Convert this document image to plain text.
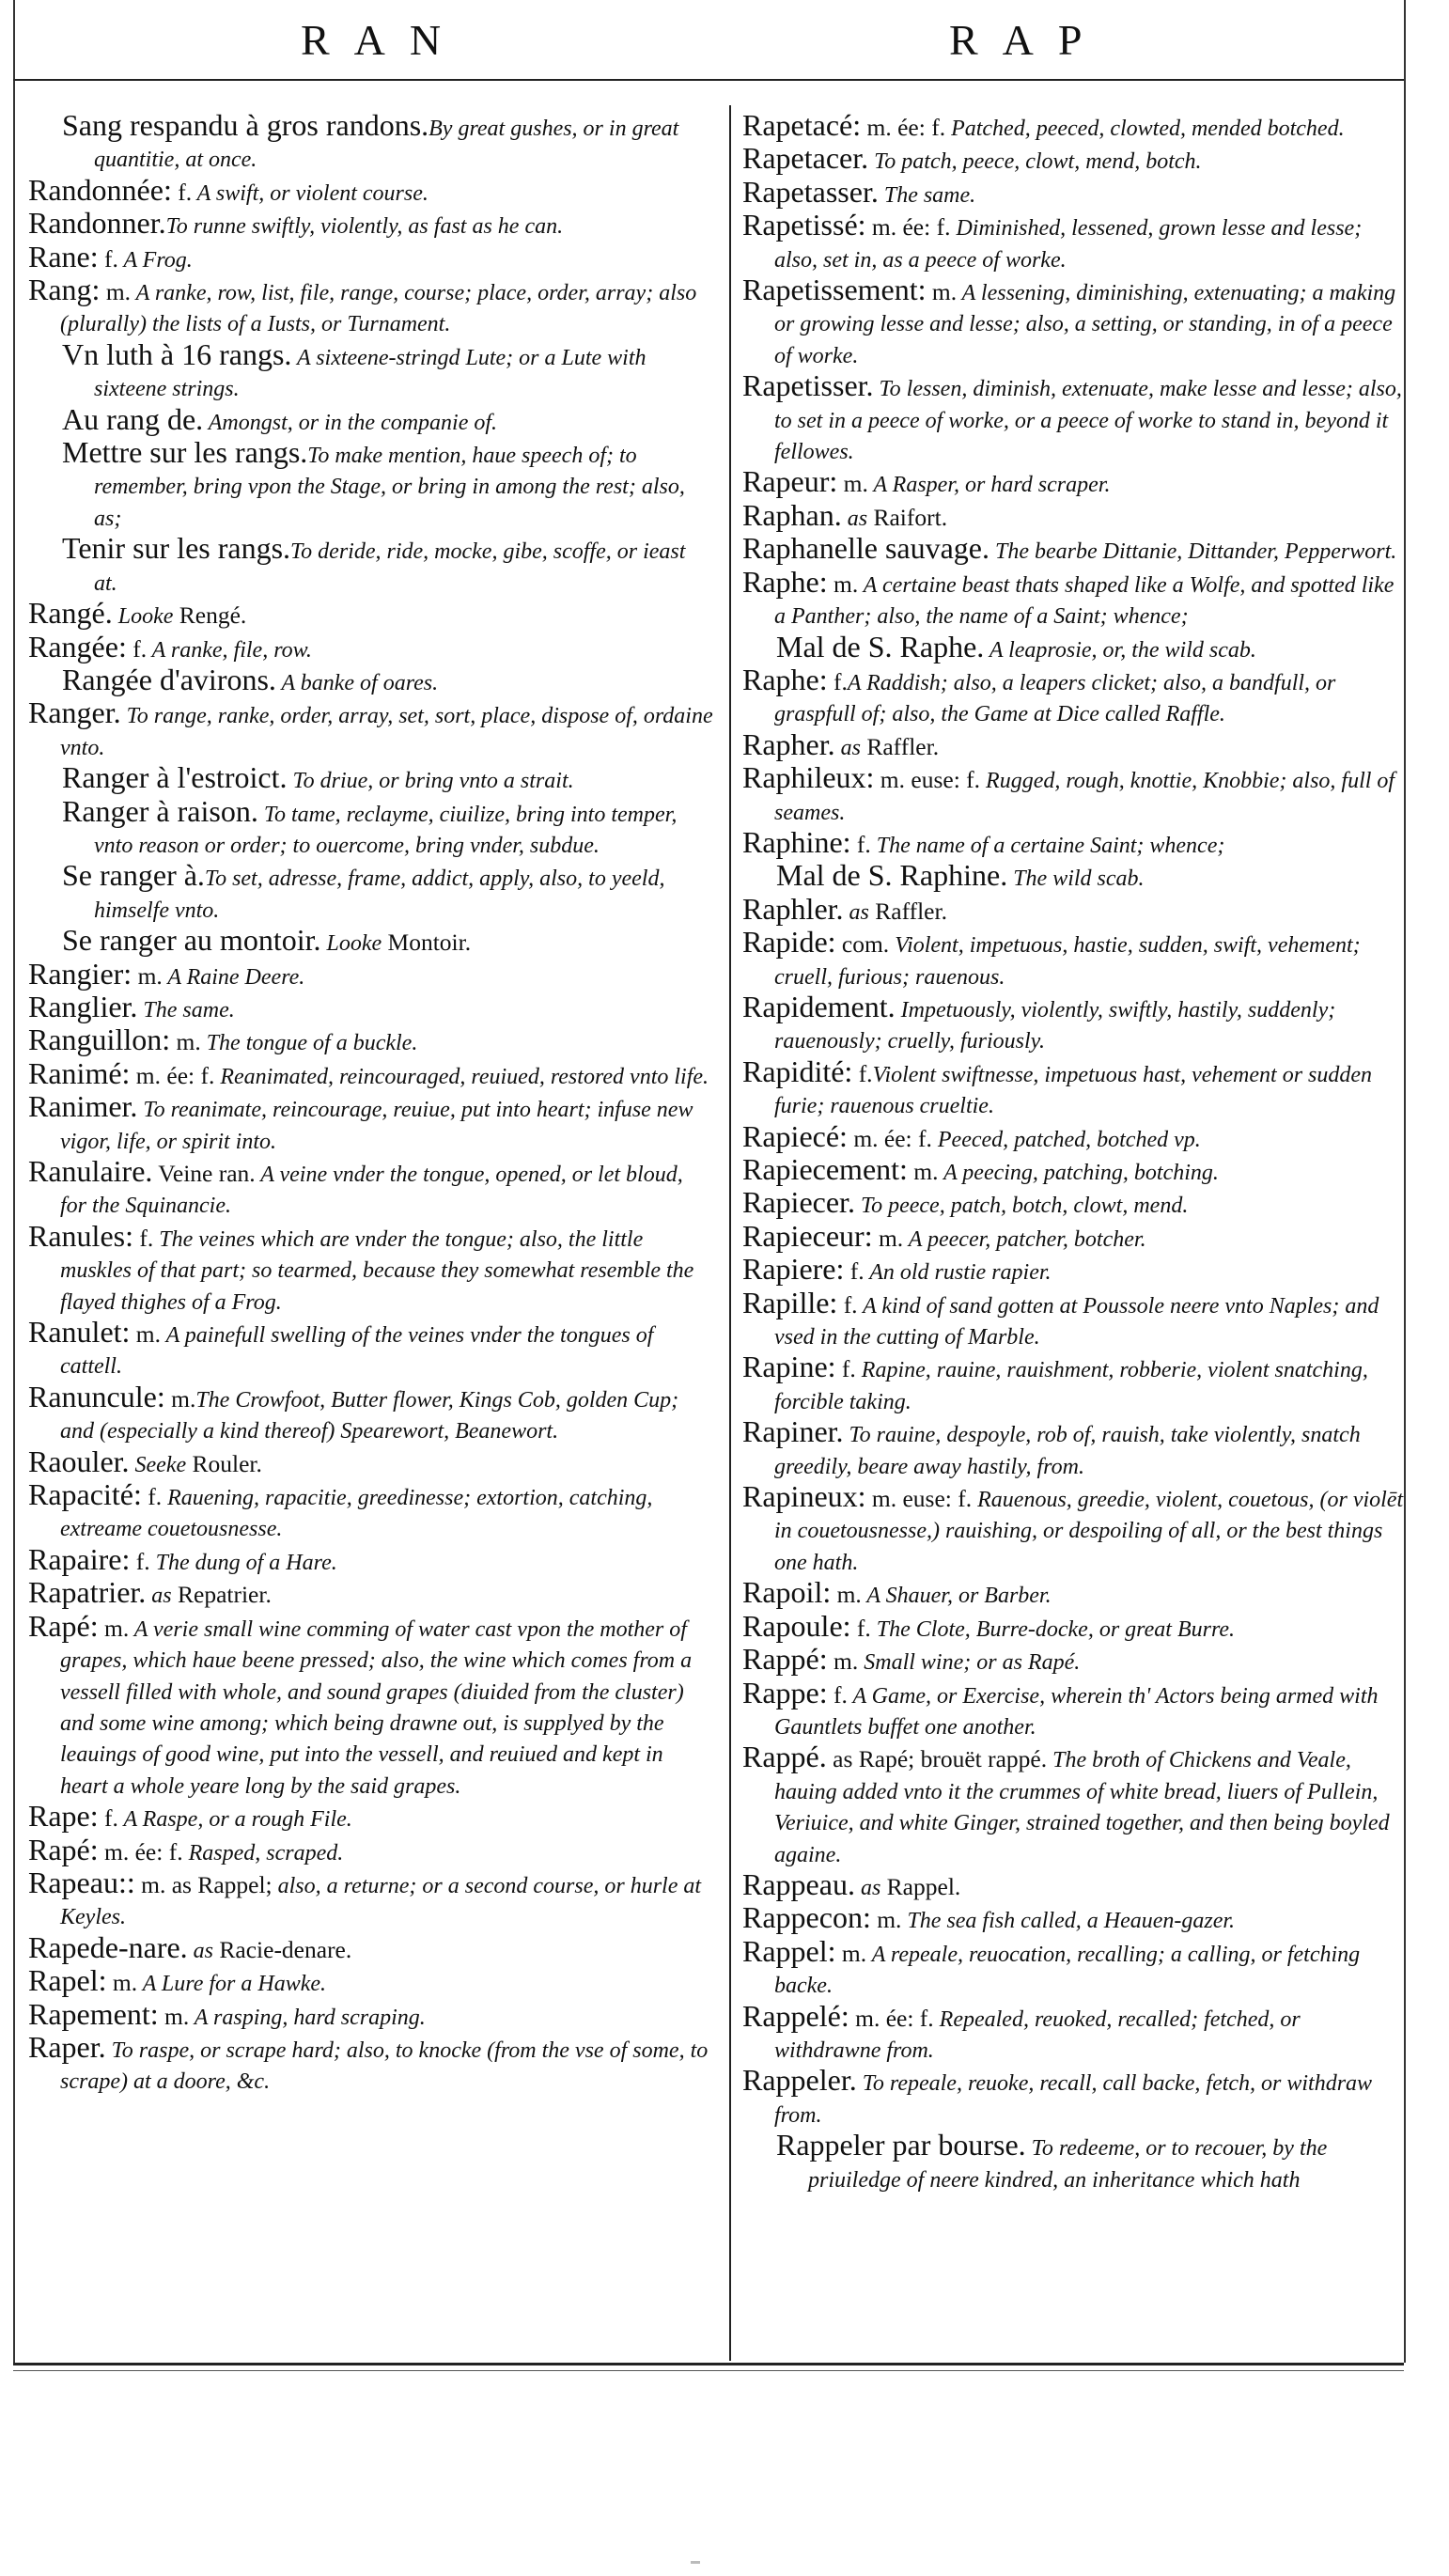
RAN	RAP

Sang respandu à gros randons.By great gushes, or in great quantitie, at once.

Randonnée: f. A swift, or violent course.

Randonner.To runne swiftly, violently, as fast as he can.

Rane: f. A Frog.

Rang: m. A ranke, row, list, file, range, course; place, order, array; also (plurally) the lists of a Iusts, or Turnament.

Vn luth à 16 rangs. A sixteene-stringd Lute; or a Lute with sixteene strings.

Au rang de. Amongst, or in the companie of.

Mettre sur les rangs.To make mention, haue speech of; to remember, bring vpon the Stage, or bring in among the rest; also, as;

Tenir sur les rangs.To deride, ride, mocke, gibe, scoffe, or ieast at.

Rangé. Looke Rengé.

Rangée: f. A ranke, file, row.

Rangée d'avirons. A banke of oares.

Ranger. To range, ranke, order, array, set, sort, place, dispose of, ordaine vnto.

Ranger à l'estroict. To driue, or bring vnto a strait.

Ranger à raison. To tame, reclayme, ciuilize, bring into temper, vnto reason or order; to ouercome, bring vnder, subdue.

Se ranger à.To set, adresse, frame, addict, apply, also, to yeeld, himselfe vnto.

Se ranger au montoir. Looke Montoir.

Rangier: m. A Raine Deere.

Ranglier. The same.

Ranguillon: m. The tongue of a buckle.

Ranimé: m. ée: f. Reanimated, reincouraged, reuiued, restored vnto life.

Ranimer. To reanimate, reincourage, reuiue, put into heart; infuse new vigor, life, or spirit into.

Ranulaire. Veine ran. A veine vnder the tongue, opened, or let bloud, for the Squinancie.

Ranules: f. The veines which are vnder the tongue; also, the little muskles of that part; so tearmed, because they somewhat resemble the flayed thighes of a Frog.

Ranulet: m. A painefull swelling of the veines vnder the tongues of cattell.

Ranuncule: m.The Crowfoot, Butter flower, Kings Cob, golden Cup; and (especially a kind thereof) Spearewort, Beanewort.

Raouler. Seeke Rouler.

Rapacité: f. Rauening, rapacitie, greedinesse; extortion, catching, extreame couetousnesse.

Rapaire: f. The dung of a Hare.

Rapatrier. as Repatrier.

Rapé: m. A verie small wine comming of water cast vpon the mother of grapes, which haue beene pressed; also, the wine which comes from a vessell filled with whole, and sound grapes (diuided from the cluster) and some wine among; which being drawne out, is supplyed by the leauings of good wine, put into the vessell, and reuiued and kept in heart a whole yeare long by the said grapes.

Rape: f. A Raspe, or a rough File.

Rapé: m. ée: f. Rasped, scraped.

Rapeau:: m. as Rappel; also, a returne; or a second course, or hurle at Keyles.

Rapede-nare. as Racie-denare.

Rapel: m. A Lure for a Hawke.

Rapement: m. A rasping, hard scraping.

Raper. To raspe, or scrape hard; also, to knocke (from the vse of some, to scrape) at a doore, &c.

Rapetacé: m. ée: f. Patched, peeced, clowted, mended botched.

Rapetacer. To patch, peece, clowt, mend, botch.

Rapetasser. The same.

Rapetissé: m. ée: f. Diminished, lessened, grown lesse and lesse; also, set in, as a peece of worke.

Rapetissement: m. A lessening, diminishing, extenuating; a making or growing lesse and lesse; also, a setting, or standing, in of a peece of worke.

Rapetisser. To lessen, diminish, extenuate, make lesse and lesse; also, to set in a peece of worke, or a peece of worke to stand in, beyond it fellowes.

Rapeur: m. A Rasper, or hard scraper.

Raphan. as Raifort.

Raphanelle sauvage. The bearbe Dittanie, Dittander, Pepperwort.

Raphe: m. A certaine beast thats shaped like a Wolfe, and spotted like a Panther; also, the name of a Saint; whence;

Mal de S. Raphe. A leaprosie, or, the wild scab.

Raphe: f.A Raddish; also, a leapers clicket; also, a bandfull, or graspfull of; also, the Game at Dice called Raffle.

Rapher. as Raffler.

Raphileux: m. euse: f. Rugged, rough, knottie, Knobbie; also, full of seames.

Raphine: f. The name of a certaine Saint; whence;

Mal de S. Raphine. The wild scab.

Raphler. as Raffler.

Rapide: com. Violent, impetuous, hastie, sudden, swift, vehement; cruell, furious; rauenous.

Rapidement. Impetuously, violently, swiftly, hastily, suddenly; rauenously; cruelly, furiously.

Rapidité: f.Violent swiftnesse, impetuous hast, vehement or sudden furie; rauenous crueltie.

Rapiecé: m. ée: f. Peeced, patched, botched vp.

Rapiecement: m. A peecing, patching, botching.

Rapiecer. To peece, patch, botch, clowt, mend.

Rapieceur: m. A peecer, patcher, botcher.

Rapiere: f. An old rustie rapier.

Rapille: f. A kind of sand gotten at Poussole neere vnto Naples; and vsed in the cutting of Marble.

Rapine: f. Rapine, rauine, rauishment, robberie, violent snatching, forcible taking.

Rapiner. To rauine, despoyle, rob of, rauish, take violently, snatch greedily, beare away hastily, from.

Rapineux: m. euse: f. Rauenous, greedie, violent, couetous, (or violēt in couetousnesse,) rauishing, or despoiling of all, or the best things one hath.

Rapoil: m. A Shauer, or Barber.

Rapoule: f. The Clote, Burre-docke, or great Burre.

Rappé: m. Small wine; or as Rapé.

Rappe: f. A Game, or Exercise, wherein th' Actors being armed with Gauntlets buffet one another.

Rappé. as Rapé; brouët rappé. The broth of Chickens and Veale, hauing added vnto it the crummes of white bread, liuers of Pullein, Veriuice, and white Ginger, strained together, and then being boyled againe.

Rappeau. as Rappel.

Rappecon: m. The sea fish called, a Heauen-gazer.

Rappel: m. A repeale, reuocation, recalling; a calling, or fetching backe.

Rappelé: m. ée: f. Repealed, reuoked, recalled; fetched, or withdrawne from.

Rappeler. To repeale, reuoke, recall, call backe, fetch, or withdraw from.

Rappeler par bourse. To redeeme, or to recouer, by the priuiledge of neere kindred, an inheritance which hath
